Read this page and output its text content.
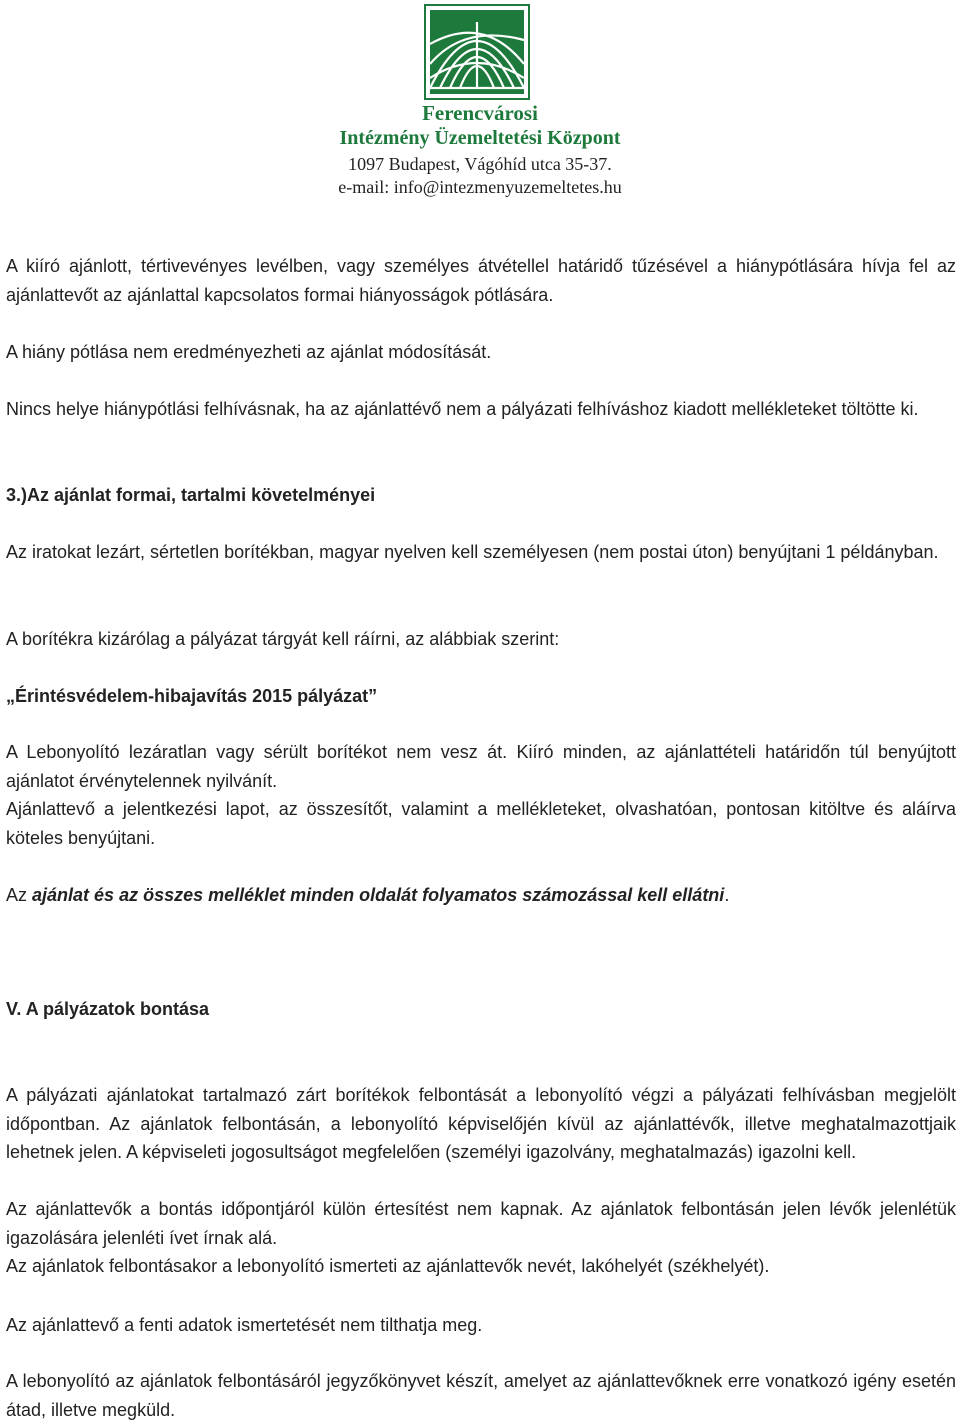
Ferencvárosi
Intézmény Üzemeltetési Központ
1097 Budapest, Vágóhíd utca 35-37.
e-mail: info@intezmenyuzemeltetes.hu

A kiíró ajánlott, tértivevényes levélben, vagy személyes átvétellel határidő tűzésével a hiánypótlására hívja fel az ajánlattevőt az ajánlattal kapcsolatos formai hiányosságok pótlására.

A hiány pótlása nem eredményezheti az ajánlat módosítását.

Nincs helye hiánypótlási felhívásnak, ha az ajánlattévő nem a pályázati felhíváshoz kiadott mellékleteket töltötte ki.

3.)Az ajánlat formai, tartalmi követelményei

Az iratokat lezárt, sértetlen borítékban, magyar nyelven kell személyesen (nem postai úton) benyújtani 1 példányban.

A borítékra kizárólag a pályázat tárgyát kell ráírni, az alábbiak szerint:

„Érintésvédelem-hibajavítás 2015 pályázat”

A Lebonyolító lezáratlan vagy sérült borítékot nem vesz át. Kiíró minden, az ajánlattételi határidőn túl benyújtott ajánlatot érvénytelennek nyilvánít.

Ajánlattevő a jelentkezési lapot, az összesítőt, valamint a mellékleteket, olvashatóan, pontosan kitöltve és aláírva köteles benyújtani.

Az ajánlat és az összes melléklet minden oldalát folyamatos számozással kell ellátni.

V. A pályázatok bontása

A pályázati ajánlatokat tartalmazó zárt borítékok felbontását a lebonyolító végzi a pályázati felhívásban megjelölt időpontban. Az ajánlatok felbontásán, a lebonyolító képviselőjén kívül az ajánlattévők, illetve meghatalmazottjaik lehetnek jelen. A képviseleti jogosultságot megfelelően (személyi igazolvány, meghatalmazás) igazolni kell.

Az ajánlattevők a bontás időpontjáról külön értesítést nem kapnak. Az ajánlatok felbontásán jelen lévők jelenlétük igazolására jelenléti ívet írnak alá.

Az ajánlatok felbontásakor a lebonyolító ismerteti az ajánlattevők nevét, lakóhelyét (székhelyét).

Az ajánlattevő a fenti adatok ismertetését nem tilthatja meg.

A lebonyolító az ajánlatok felbontásáról jegyzőkönyvet készít, amelyet az ajánlattevőknek erre vonatkozó igény esetén átad, illetve megküld.
